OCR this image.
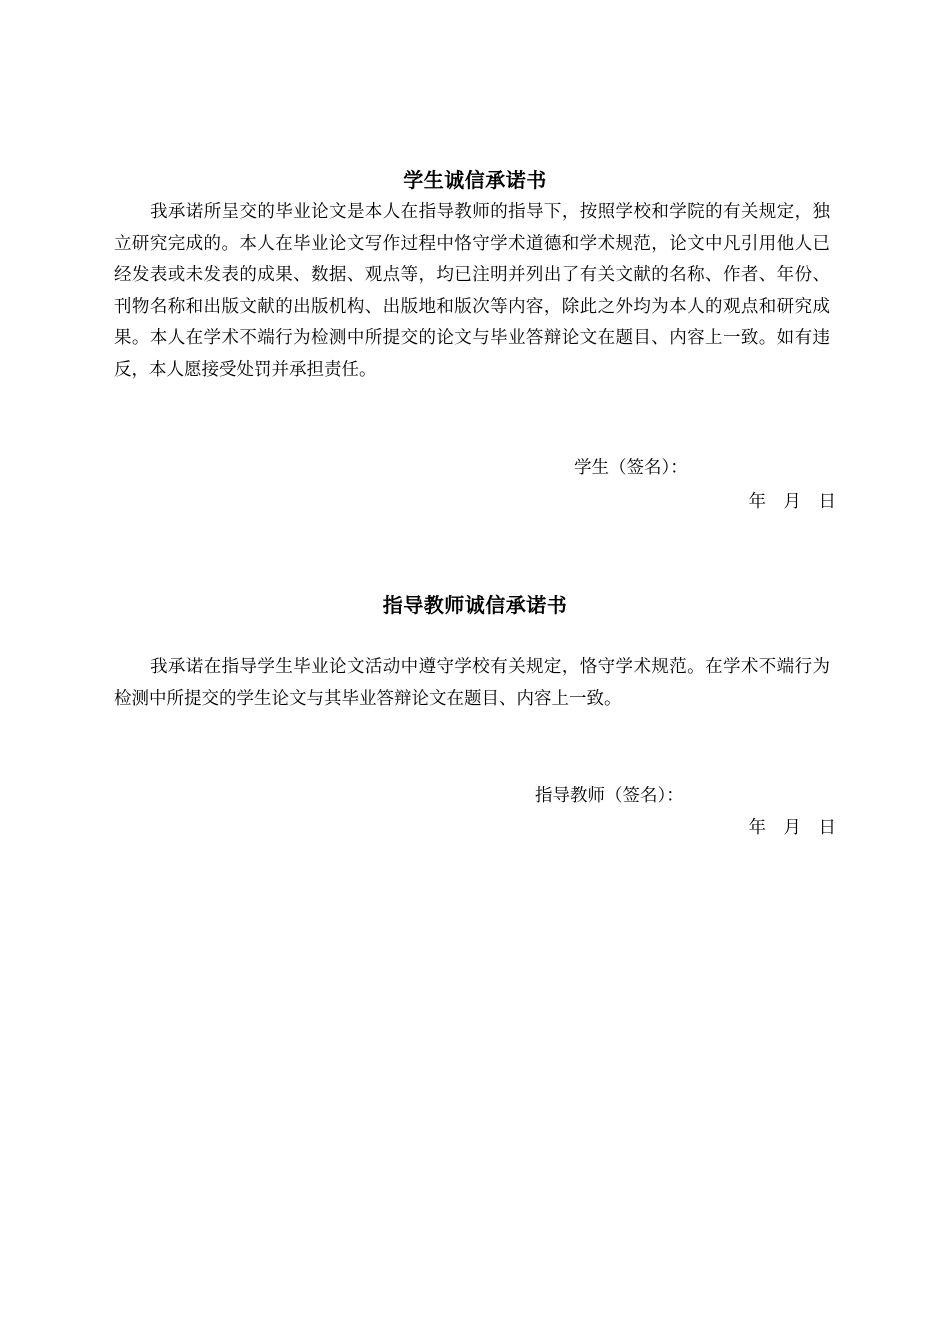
学生诚信承诺书

我承诺所呈交的毕业论文是本人在指导教师的指导下，按照学校和学院的有关规定，独立研究完成的。本人在毕业论文写作过程中恪守学术道德和学术规范，论文中凡引用他人已经发表或未发表的成果、数据、观点等，均已注明并列出了有关文献的名称、作者、年份、刊物名称和出版文献的出版机构、出版地和版次等内容，除此之外均为本人的观点和研究成果。本人在学术不端行为检测中所提交的论文与毕业答辩论文在题目、内容上一致。如有违反，本人愿接受处罚并承担责任。

学生（签名）：
年　月　日
指导教师诚信承诺书

我承诺在指导学生毕业论文活动中遵守学校有关规定，恪守学术规范。在学术不端行为检测中所提交的学生论文与其毕业答辩论文在题目、内容上一致。

指导教师（签名）：
年　月　日
